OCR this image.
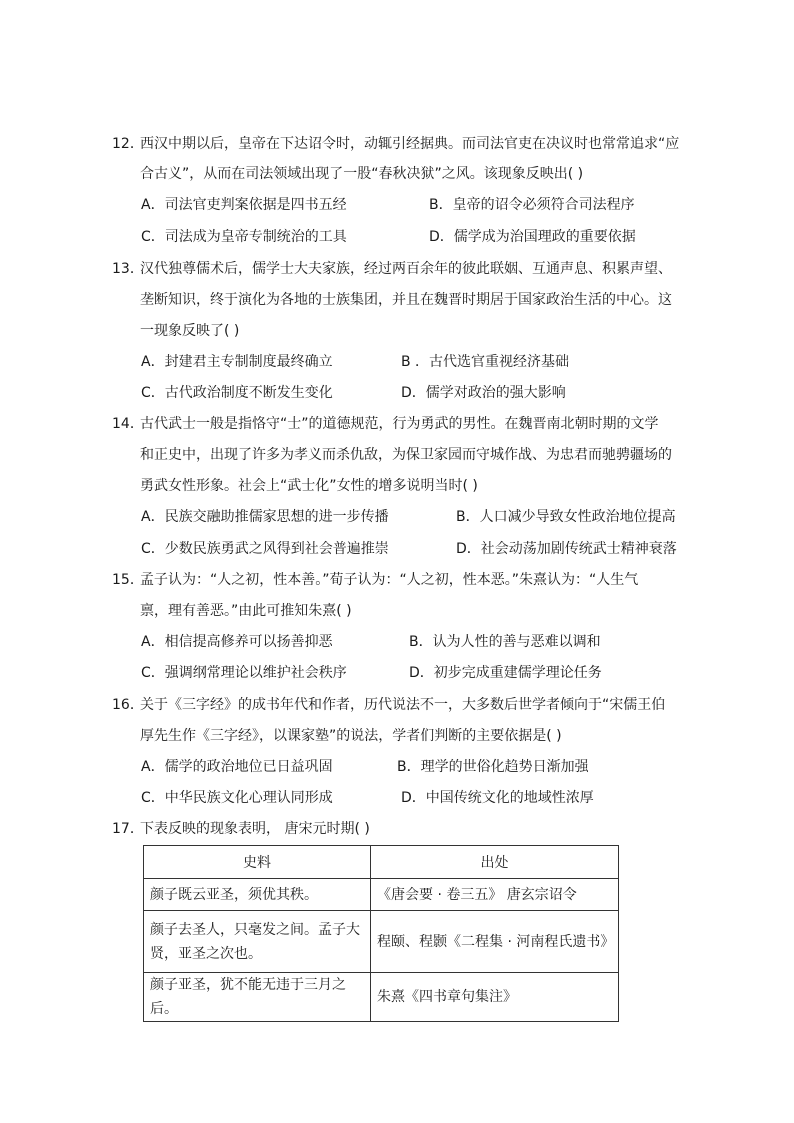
12．
西汉中期以后，皇帝在下达诏令时，动辄引经据典。而司法官吏在决议时也常常追求“应
合古义”，从而在司法领域出现了一股“春秋决狱”之风。该现象反映出( )
A．司法官吏判案依据是四书五经	B．皇帝的诏令必须符合司法程序
C．司法成为皇帝专制统治的工具	D．儒学成为治国理政的重要依据
13．
汉代独尊儒术后，儒学士大夫家族，经过两百余年的彼此联姻、互通声息、积累声望、
垄断知识，终于演化为各地的士族集团，并且在魏晋时期居于国家政治生活的中心。这
一现象反映了( )
A．封建君主专制制度最终确立	B ．古代选官重视经济基础
C．古代政治制度不断发生变化	D．儒学对政治的强大影响
14．
古代武士一般是指恪守“士”的道德规范，行为勇武的男性。在魏晋南北朝时期的文学
和正史中，出现了许多为孝义而杀仇敌，为保卫家园而守城作战、为忠君而驰骋疆场的
勇武女性形象。社会上“武士化”女性的增多说明当时( )
A．民族交融助推儒家思想的进一步传播	B．人口减少导致女性政治地位提高
C．少数民族勇武之风得到社会普遍推崇	D．社会动荡加剧传统武士精神衰落
15．
孟子认为：“人之初，性本善。”荀子认为：“人之初，性本恶。”朱熹认为：“人生气
禀，理有善恶。”由此可推知朱熹( )
A．相信提高修养可以扬善抑恶	B．认为人性的善与恶难以调和
C．强调纲常理论以维护社会秩序	D．初步完成重建儒学理论任务
16．
关于《三字经》的成书年代和作者，历代说法不一，大多数后世学者倾向于“宋儒王伯
厚先生作《三字经》，以课家塾”的说法，学者们判断的主要依据是( )
A．儒学的政治地位已日益巩固	B．理学的世俗化趋势日渐加强
C．中华民族文化心理认同形成	D．中国传统文化的地域性浓厚
17．
下表反映的现象表明， 唐宋元时期( )
史料	出处
颜子既云亚圣，须优其秩。	《唐会要 · 卷三五》 唐玄宗诏令
颜子去圣人，只毫发之间。孟子大贤，亚圣之次也。	程颐、程颢《二程集 · 河南程氏遗书》
颜子亚圣，犹不能无违于三月之后。	朱熹《四书章句集注》
